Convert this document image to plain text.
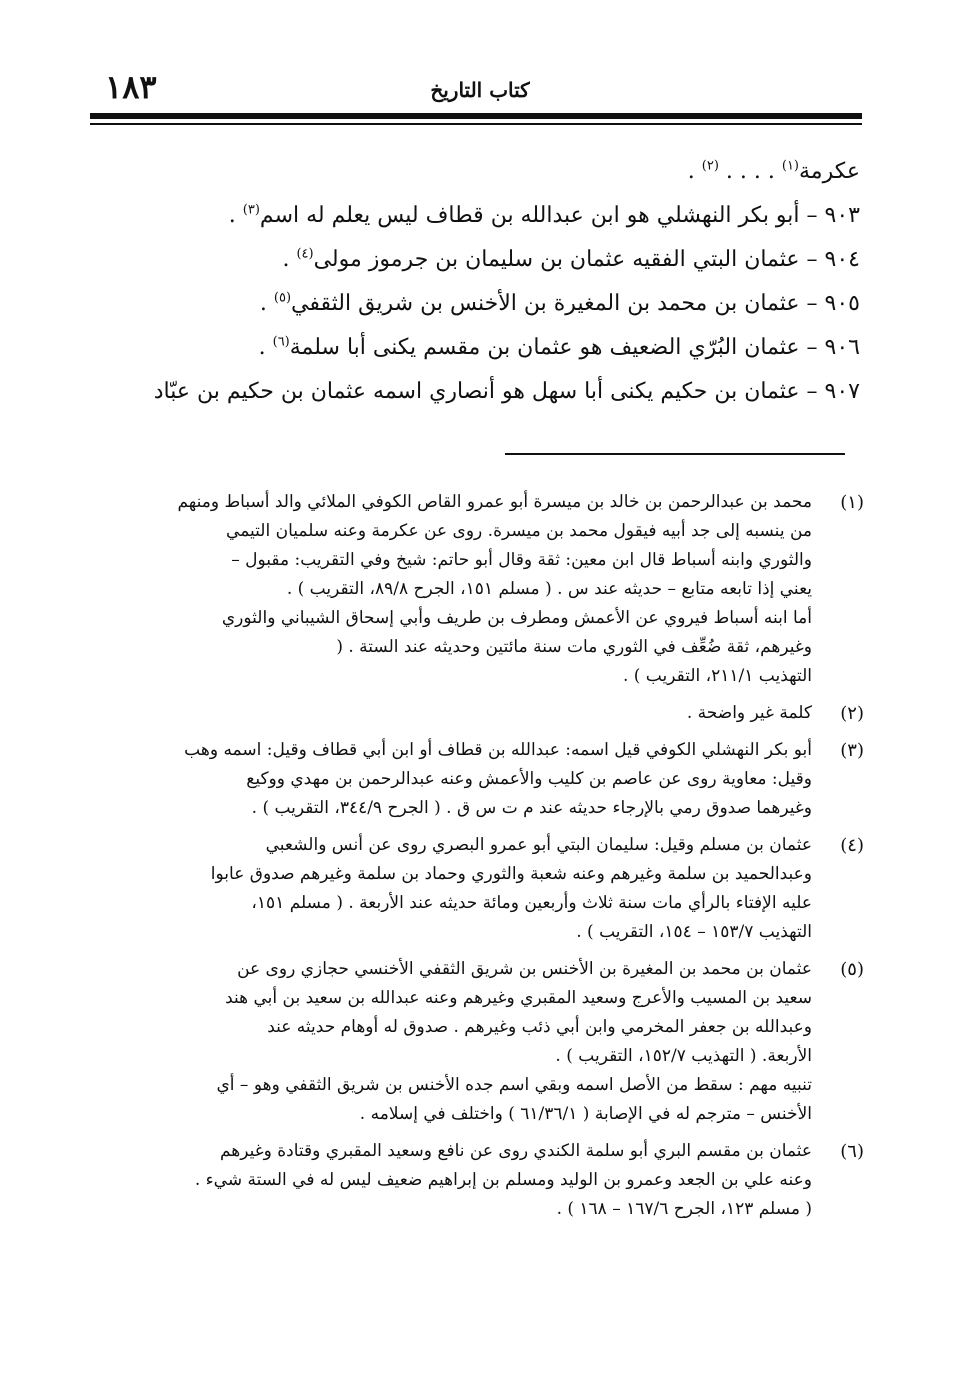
كتاب التاريخ
١٨٣
عكرمة$^{(١)}$ . . . . $^{(٢)}$ .
٩٠٣ – أبو بكر النهشلي هو ابن عبدالله بن قطاف ليس يعلم له اسم$^{(٣)}$ .
٩٠٤ – عثمان البتي الفقيه عثمان بن سليمان بن جرموز مولى$^{(٤)}$ .
٩٠٥ – عثمان بن محمد بن المغيرة بن الأخنس بن شريق الثقفي$^{(٥)}$ .
٩٠٦ – عثمان البُرّي الضعيف هو عثمان بن مقسم يكنى أبا سلمة$^{(٦)}$ .
٩٠٧ – عثمان بن حكيم يكنى أبا سهل هو أنصاري اسمه عثمان بن حكيم بن عبّاد
(١)
محمد بن عبدالرحمن بن خالد بن ميسرة أبو عمرو القاص الكوفي الملائي والد أسباط ومنهم
من ينسبه إلى جد أبيه فيقول محمد بن ميسرة. روى عن عكرمة وعنه سلميان التيمي
والثوري وابنه أسباط قال ابن معين: ثقة وقال أبو حاتم: شيخ وفي التقريب: مقبول –
يعني إذا تابعه متابع – حديثه عند س . ( مسلم ١٥١، الجرح ٨٩/٨، التقريب ) .
أما ابنه أسباط فيروي عن الأعمش ومطرف بن طريف وأبي إسحاق الشيباني والثوري
وغيرهم، ثقة ضُعِّف في الثوري مات سنة مائتين وحديثه عند الستة . (
التهذيب ٢١١/١، التقريب ) .
(٢)
كلمة غير واضحة .
(٣)
أبو بكر النهشلي الكوفي قيل اسمه: عبدالله بن قطاف أو ابن أبي قطاف وقيل: اسمه وهب
وقيل: معاوية روى عن عاصم بن كليب والأعمش وعنه عبدالرحمن بن مهدي ووكيع
وغيرهما صدوق رمي بالإرجاء حديثه عند م ت س ق . ( الجرح ٣٤٤/٩، التقريب ) .
(٤)
عثمان بن مسلم وقيل: سليمان البتي أبو عمرو البصري روى عن أنس والشعبي
وعبدالحميد بن سلمة وغيرهم وعنه شعبة والثوري وحماد بن سلمة وغيرهم صدوق عابوا
عليه الإفتاء بالرأي مات سنة ثلاث وأربعين ومائة حديثه عند الأربعة . ( مسلم ١٥١،
التهذيب ١٥٣/٧ – ١٥٤، التقريب ) .
(٥)
عثمان بن محمد بن المغيرة بن الأخنس بن شريق الثقفي الأخنسي حجازي روى عن
سعيد بن المسيب والأعرج وسعيد المقبري وغيرهم وعنه عبدالله بن سعيد بن أبي هند
وعبدالله بن جعفر المخرمي وابن أبي ذئب وغيرهم . صدوق له أوهام حديثه عند
الأربعة. ( التهذيب ١٥٢/٧، التقريب ) .
تنبيه مهم : سقط من الأصل اسمه وبقي اسم جده الأخنس بن شريق الثقفي وهو – أي
الأخنس – مترجم له في الإصابة ( ٦١/٣٦/١ ) واختلف في إسلامه .
(٦)
عثمان بن مقسم البري أبو سلمة الكندي روى عن نافع وسعيد المقبري وقتادة وغيرهم
وعنه علي بن الجعد وعمرو بن الوليد ومسلم بن إبراهيم ضعيف ليس له في الستة شيء .
( مسلم ١٢٣، الجرح ١٦٧/٦ – ١٦٨ ) .
